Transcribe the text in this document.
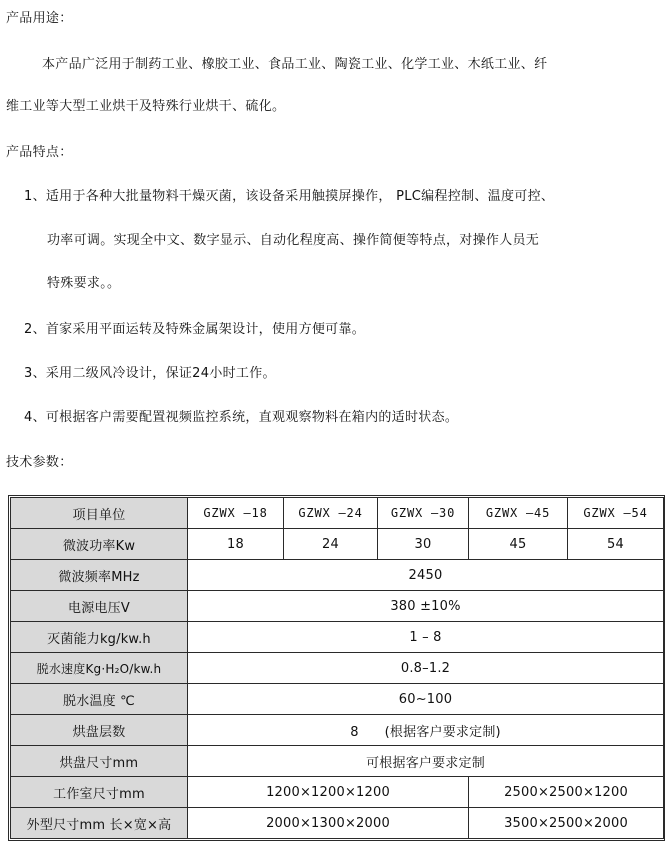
产品用途：
本产品广泛用于制药工业、橡胶工业、食品工业、陶瓷工业、化学工业、木纸工业、纤
维工业等大型工业烘干及特殊行业烘干、硫化。
产品特点：
1、适用于各种大批量物料干燥灭菌，该设备采用触摸屏操作， PLC编程控制、温度可控、
功率可调。实现全中文、数字显示、自动化程度高、操作简便等特点，对操作人员无
特殊要求。。
2、首家采用平面运转及特殊金属架设计，使用方便可靠。
3、采用二级风冷设计，保证24小时工作。
4、可根据客户需要配置视频监控系统，直观观察物料在箱内的适时状态。
技术参数：
项目单位	GZWX –18	GZWX –24	GZWX –30	GZWX –45	GZWX –54
微波功率Kw	18	24	30	45	54
微波频率MHz	2450				
电源电压V	380 ±10%				
灭菌能力kg/kw.h	1 – 8				
脱水速度Kg·H₂O/kw.h	0.8–1.2				
脱水温度 ℃	60~100				
烘盘层数	8      (根据客户要求定制)				
烘盘尺寸mm	可根据客户要求定制				
工作室尺寸mm	1200×1200×1200			2500×2500×1200	
外型尺寸mm 长×宽×高	2000×1300×2000			3500×2500×2000	
